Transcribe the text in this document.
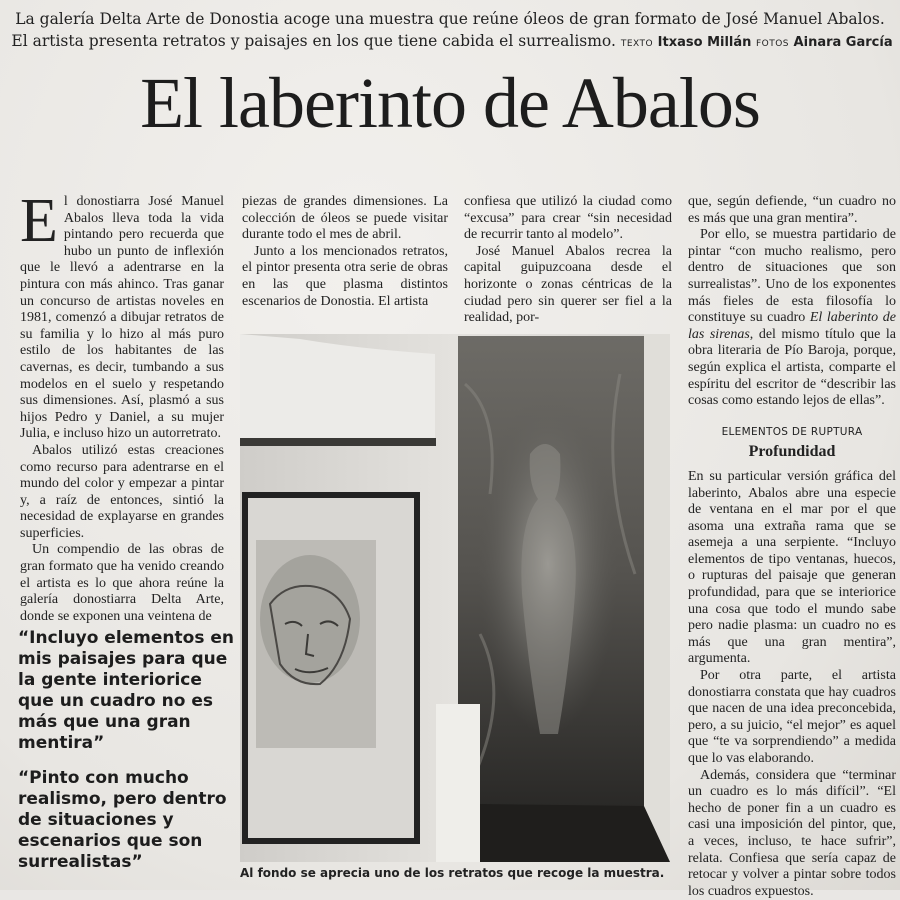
La galería Delta Arte de Donostia acoge una muestra que reúne óleos de gran formato de José Manuel Abalos.
El artista presenta retratos y paisajes en los que tiene cabida el surrealismo. TEXTO Itxaso Millán FOTOS Ainara García
El laberinto de Abalos

El donostiarra José Manuel Abalos lleva toda la vida pintando pero recuerda que hubo un punto de inflexión que le llevó a adentrarse en la pintura con más ahinco. Tras ganar un concurso de artistas noveles en 1981, comenzó a dibujar retratos de su familia y lo hizo al más puro estilo de los habitantes de las cavernas, es decir, tumbando a sus modelos en el suelo y respetando sus dimensiones. Así, plasmó a sus hijos Pedro y Daniel, a su mujer Julia, e incluso hizo un autorretrato.

Abalos utilizó estas creaciones como recurso para adentrarse en el mundo del color y empezar a pintar y, a raíz de entonces, sintió la necesidad de explayarse en grandes superficies.

Un compendio de las obras de gran formato que ha venido creando el artista es lo que ahora reúne la galería donostiarra Delta Arte, donde se exponen una veintena de

piezas de grandes dimensiones. La colección de óleos se puede visitar durante todo el mes de abril.

Junto a los mencionados retratos, el pintor presenta otra serie de obras en las que plasma distintos escenarios de Donostia. El artista

confiesa que utilizó la ciudad como “excusa” para crear “sin necesidad de recurrir tanto al modelo”.

José Manuel Abalos recrea la capital guipuzcoana desde el horizonte o zonas céntricas de la ciudad pero sin querer ser fiel a la realidad, por-

que, según defiende, “un cuadro no es más que una gran mentira”.

Por ello, se muestra partidario de pintar “con mucho realismo, pero dentro de situaciones que son surrealistas”. Uno de los exponentes más fieles de esta filosofía lo constituye su cuadro El laberinto de las sirenas, del mismo título que la obra literaria de Pío Baroja, porque, según explica el artista, comparte el espíritu del escritor de “describir las cosas como estando lejos de ellas”.

ELEMENTOS DE RUPTURA
Profundidad

En su particular versión gráfica del laberinto, Abalos abre una especie de ventana en el mar por el que asoma una extraña rama que se asemeja a una serpiente. “Incluyo elementos de tipo ventanas, huecos, o rupturas del paisaje que generan profundidad, para que se interiorice una cosa que todo el mundo sabe pero nadie plasma: un cuadro no es más que una gran mentira”, argumenta.

Por otra parte, el artista donostiarra constata que hay cuadros que nacen de una idea preconcebida, pero, a su juicio, “el mejor” es aquel que “te va sorprendiendo” a medida que lo vas elaborando.

Además, considera que “terminar un cuadro es lo más difícil”. “El hecho de poner fin a un cuadro es casi una imposición del pintor, que, a veces, incluso, te hace sufrir”, relata. Confiesa que sería capaz de retocar y volver a pintar sobre todos los cuadros expuestos.

“Incluyo elementos en mis paisajes para que la gente interiorice que un cuadro no es más que una gran mentira”
“Pinto con mucho realismo, pero dentro de situaciones y escenarios que son surrealistas”
Al fondo se aprecia uno de los retratos que recoge la muestra.
